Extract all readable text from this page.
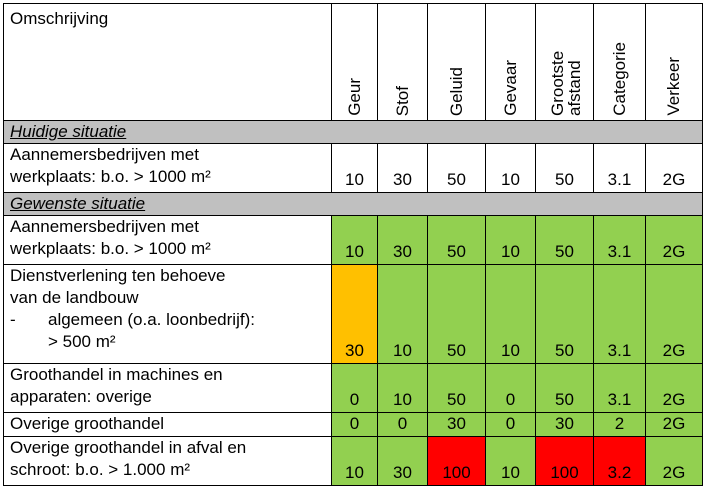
Omschrijving	Geur	Stof	Geluid	Gevaar	Grootste afstand	Categorie	Verkeer

Huidige situatie							

Aannemersbedrijven met
werkplaats: b.o. > 1000 m²	10	30	50	10	50	3.1	2G
Gewenste situatie							

Aannemersbedrijven met
werkplaats: b.o. > 1000 m²	10	30	50	10	50	3.1	2G

Dienstverlening ten behoeve
van de landbouw
- algemeen (o.a. loonbedrijf):
> 500 m²	30	10	50	10	50	3.1	2G

Groothandel in machines en
apparaten: overige	0	10	50	0	50	3.1	2G

Overige groothandel	0	0	30	0	30	2	2G

Overige groothandel in afval en
schroot: b.o. > 1.000 m²	10	30	100	10	100	3.2	2G
